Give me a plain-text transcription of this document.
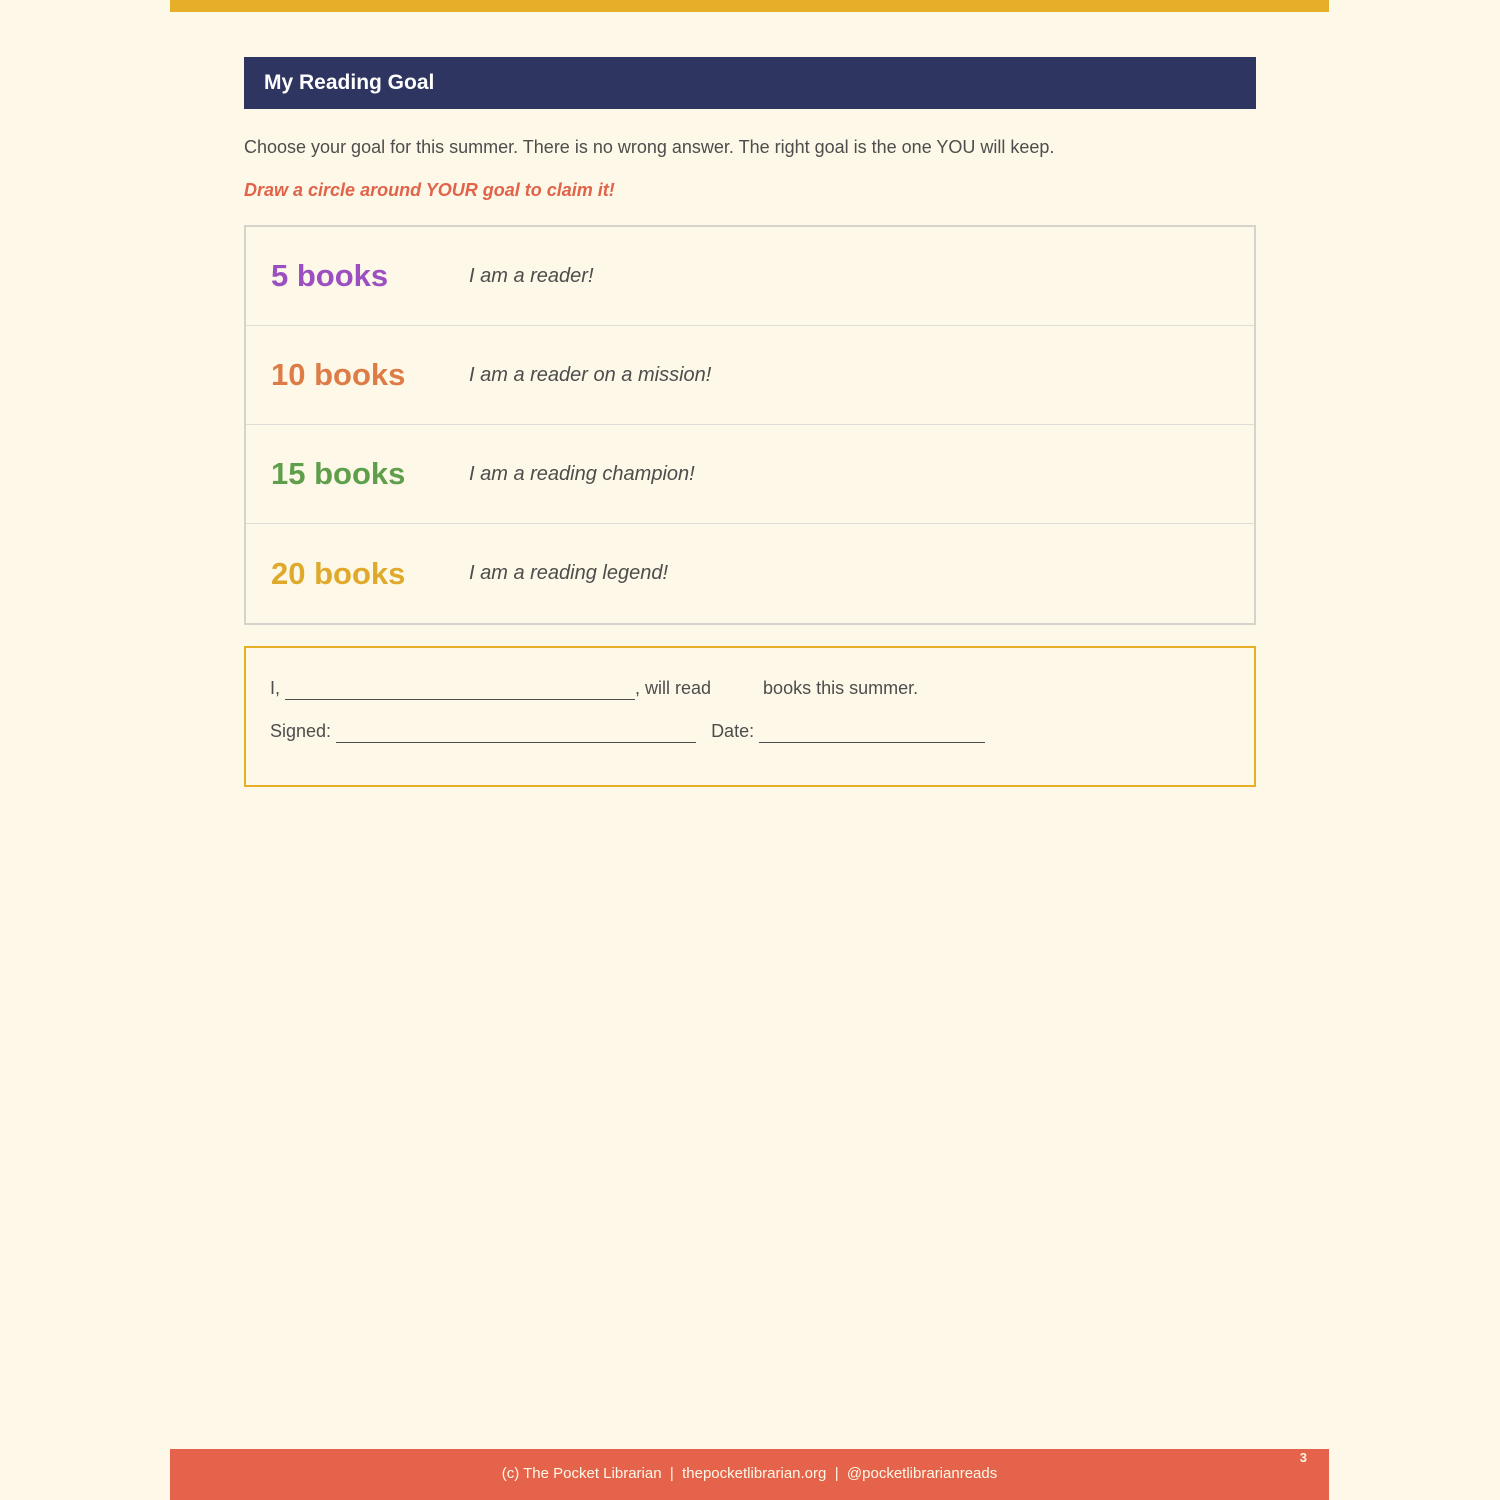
My Reading Goal
Choose your goal for this summer. There is no wrong answer. The right goal is the one YOU will keep.
Draw a circle around YOUR goal to claim it!
5 books	I am a reader!
10 books	I am a reader on a mission!
15 books	I am a reading champion!
20 books	I am a reading legend!
I,	, will read	books this summer.
Signed:	Date:
3
(c) The Pocket Librarian  |  thepocketlibrarian.org  |  @pocketlibrarianreads
